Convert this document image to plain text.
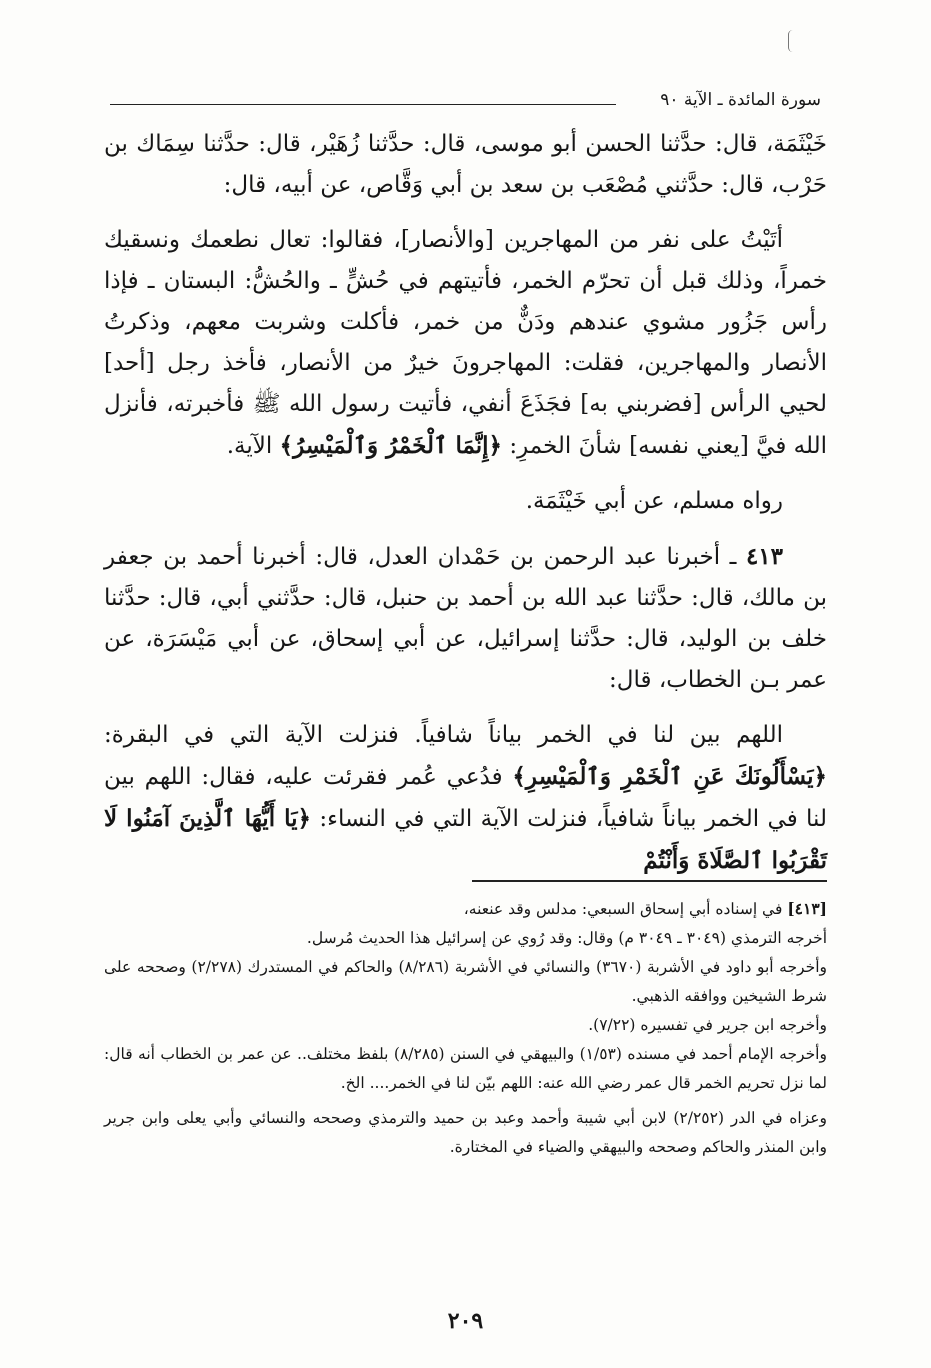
سورة المائدة ـ الآية ٩٠

خَيْثَمَة، قال: حدَّثنا الحسن أبو موسى، قال: حدَّثنا زُهَيْر، قال: حدَّثنا سِمَاك بن حَرْب، قال: حدَّثني مُصْعَب بن سعد بن أبي وَقَّاص، عن أبيه، قال:

أتَيْتُ على نفر من المهاجرين [والأنصار]، فقالوا: تعال نطعمك ونسقيك خمراً، وذلك قبل أن تحرّم الخمر، فأتيتهم في حُشٍّ ـ والحُشُّ: البستان ـ فإذا رأس جَزُور مشوي عندهم ودَنٌّ من خمر، فأكلت وشربت معهم، وذكرتُ الأنصار والمهاجرين، فقلت: المهاجرونَ خيرٌ من الأنصار، فأخذ رجل [أحد] لحيي الرأس [فضربني به] فجَذَعَ أنفي، فأتيت رسول الله ﷺ فأخبرته، فأنزل الله فيَّ [يعني نفسه] شأنَ الخمرِ: ﴿إِنَّمَا ٱلْخَمْرُ وَٱلْمَيْسِرُ﴾ الآية.

رواه مسلم، عن أبي خَيْثَمَة.

٤١٣ ـ أخبرنا عبد الرحمن بن حَمْدان العدل، قال: أخبرنا أحمد بن جعفر بن مالك، قال: حدَّثنا عبد الله بن أحمد بن حنبل، قال: حدَّثني أبي، قال: حدَّثنا خلف بن الوليد، قال: حدَّثنا إسرائيل، عن أبي إسحاق، عن أبي مَيْسَرَة، عن عمر بـن الخطاب، قال:

اللهم بين لنا في الخمر بياناً شافياً. فنزلت الآية التي في البقرة: ﴿يَسْأَلُونَكَ عَنِ ٱلْخَمْرِ وَٱلْمَيْسِرِ﴾ فدُعي عُمر فقرئت عليه، فقال: اللهم بين لنا في الخمر بياناً شافياً، فنزلت الآية التي في النساء: ﴿يَا أَيُّهَا ٱلَّذِينَ آمَنُوا لَا تَقْرَبُوا ٱلصَّلَاةَ وَأَنْتُمْ

[٤١٣] في إسناده أبي إسحاق السبعي: مدلس وقد عنعنه،

أخرجه الترمذي (٣٠٤٩ ـ ٣٠٤٩ م) وقال: وقد رُوي عن إسرائيل هذا الحديث مُرسل.

وأخرجه أبو داود في الأشربة (٣٦٧٠) والنسائي في الأشربة (٨/٢٨٦) والحاكم في المستدرك (٢/٢٧٨) وصححه على شرط الشيخين ووافقه الذهبي.

وأخرجه ابن جرير في تفسيره (٧/٢٢).

وأخرجه الإمام أحمد في مسنده (١/٥٣) والبيهقي في السنن (٨/٢٨٥) بلفظ مختلف.. عن عمر بن الخطاب أنه قال: لما نزل تحريم الخمر قال عمر رضي الله عنه: اللهم بيّن لنا في الخمر.... الخ.

وعزاه في الدر (٢/٢٥٢) لابن أبي شيبة وأحمد وعبد بن حميد والترمذي وصححه والنسائي وأبي يعلى وابن جرير وابن المنذر والحاكم وصححه والبيهقي والضياء في المختارة.

٢٠٩
